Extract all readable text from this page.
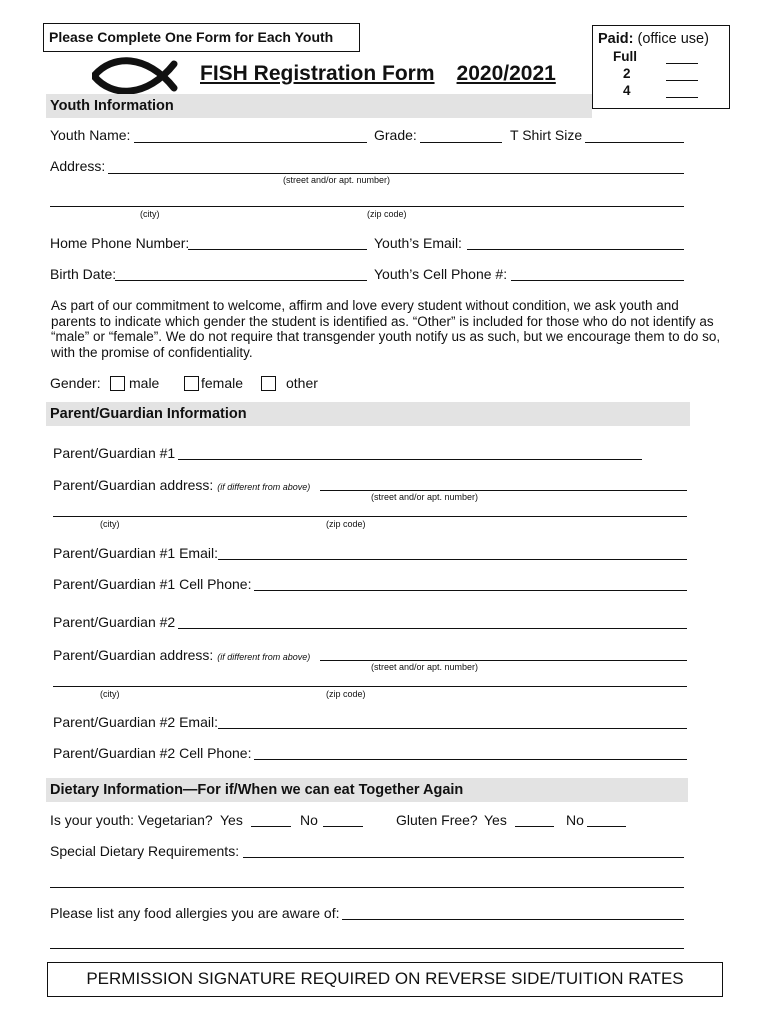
Please Complete One Form for Each Youth
FISH Registration Form 2020/2021
Paid: (office use)
Full
2
4
Youth Information
Youth Name:	Grade:	T Shirt Size
Address:
(street and/or apt. number)
(city)	(zip code)
Home Phone Number:	Youth’s Email:
Birth Date:	Youth’s Cell Phone #:
As part of our commitment to welcome, affirm and love every student without condition, we ask youth and parents to indicate which gender the student is identified as. “Other” is included for those who do not identify as “male” or “female”. We do not require that transgender youth notify us as such, but we encourage them to do so, with the promise of confidentiality.
Gender: male	female	other
Parent/Guardian Information
Parent/Guardian #1
Parent/Guardian address: (if different from above)
(street and/or apt. number)
(city)	(zip code)
Parent/Guardian #1 Email:
Parent/Guardian #1 Cell Phone:
Parent/Guardian #2
Parent/Guardian address: (if different from above)
(street and/or apt. number)
(city)	(zip code)
Parent/Guardian #2 Email:
Parent/Guardian #2 Cell Phone:
Dietary Information—For if/When we can eat Together Again
Is your youth: Vegetarian? Yes	No	Gluten Free? Yes	No
Special Dietary Requirements:
Please list any food allergies you are aware of:
PERMISSION SIGNATURE REQUIRED ON REVERSE SIDE/TUITION RATES
